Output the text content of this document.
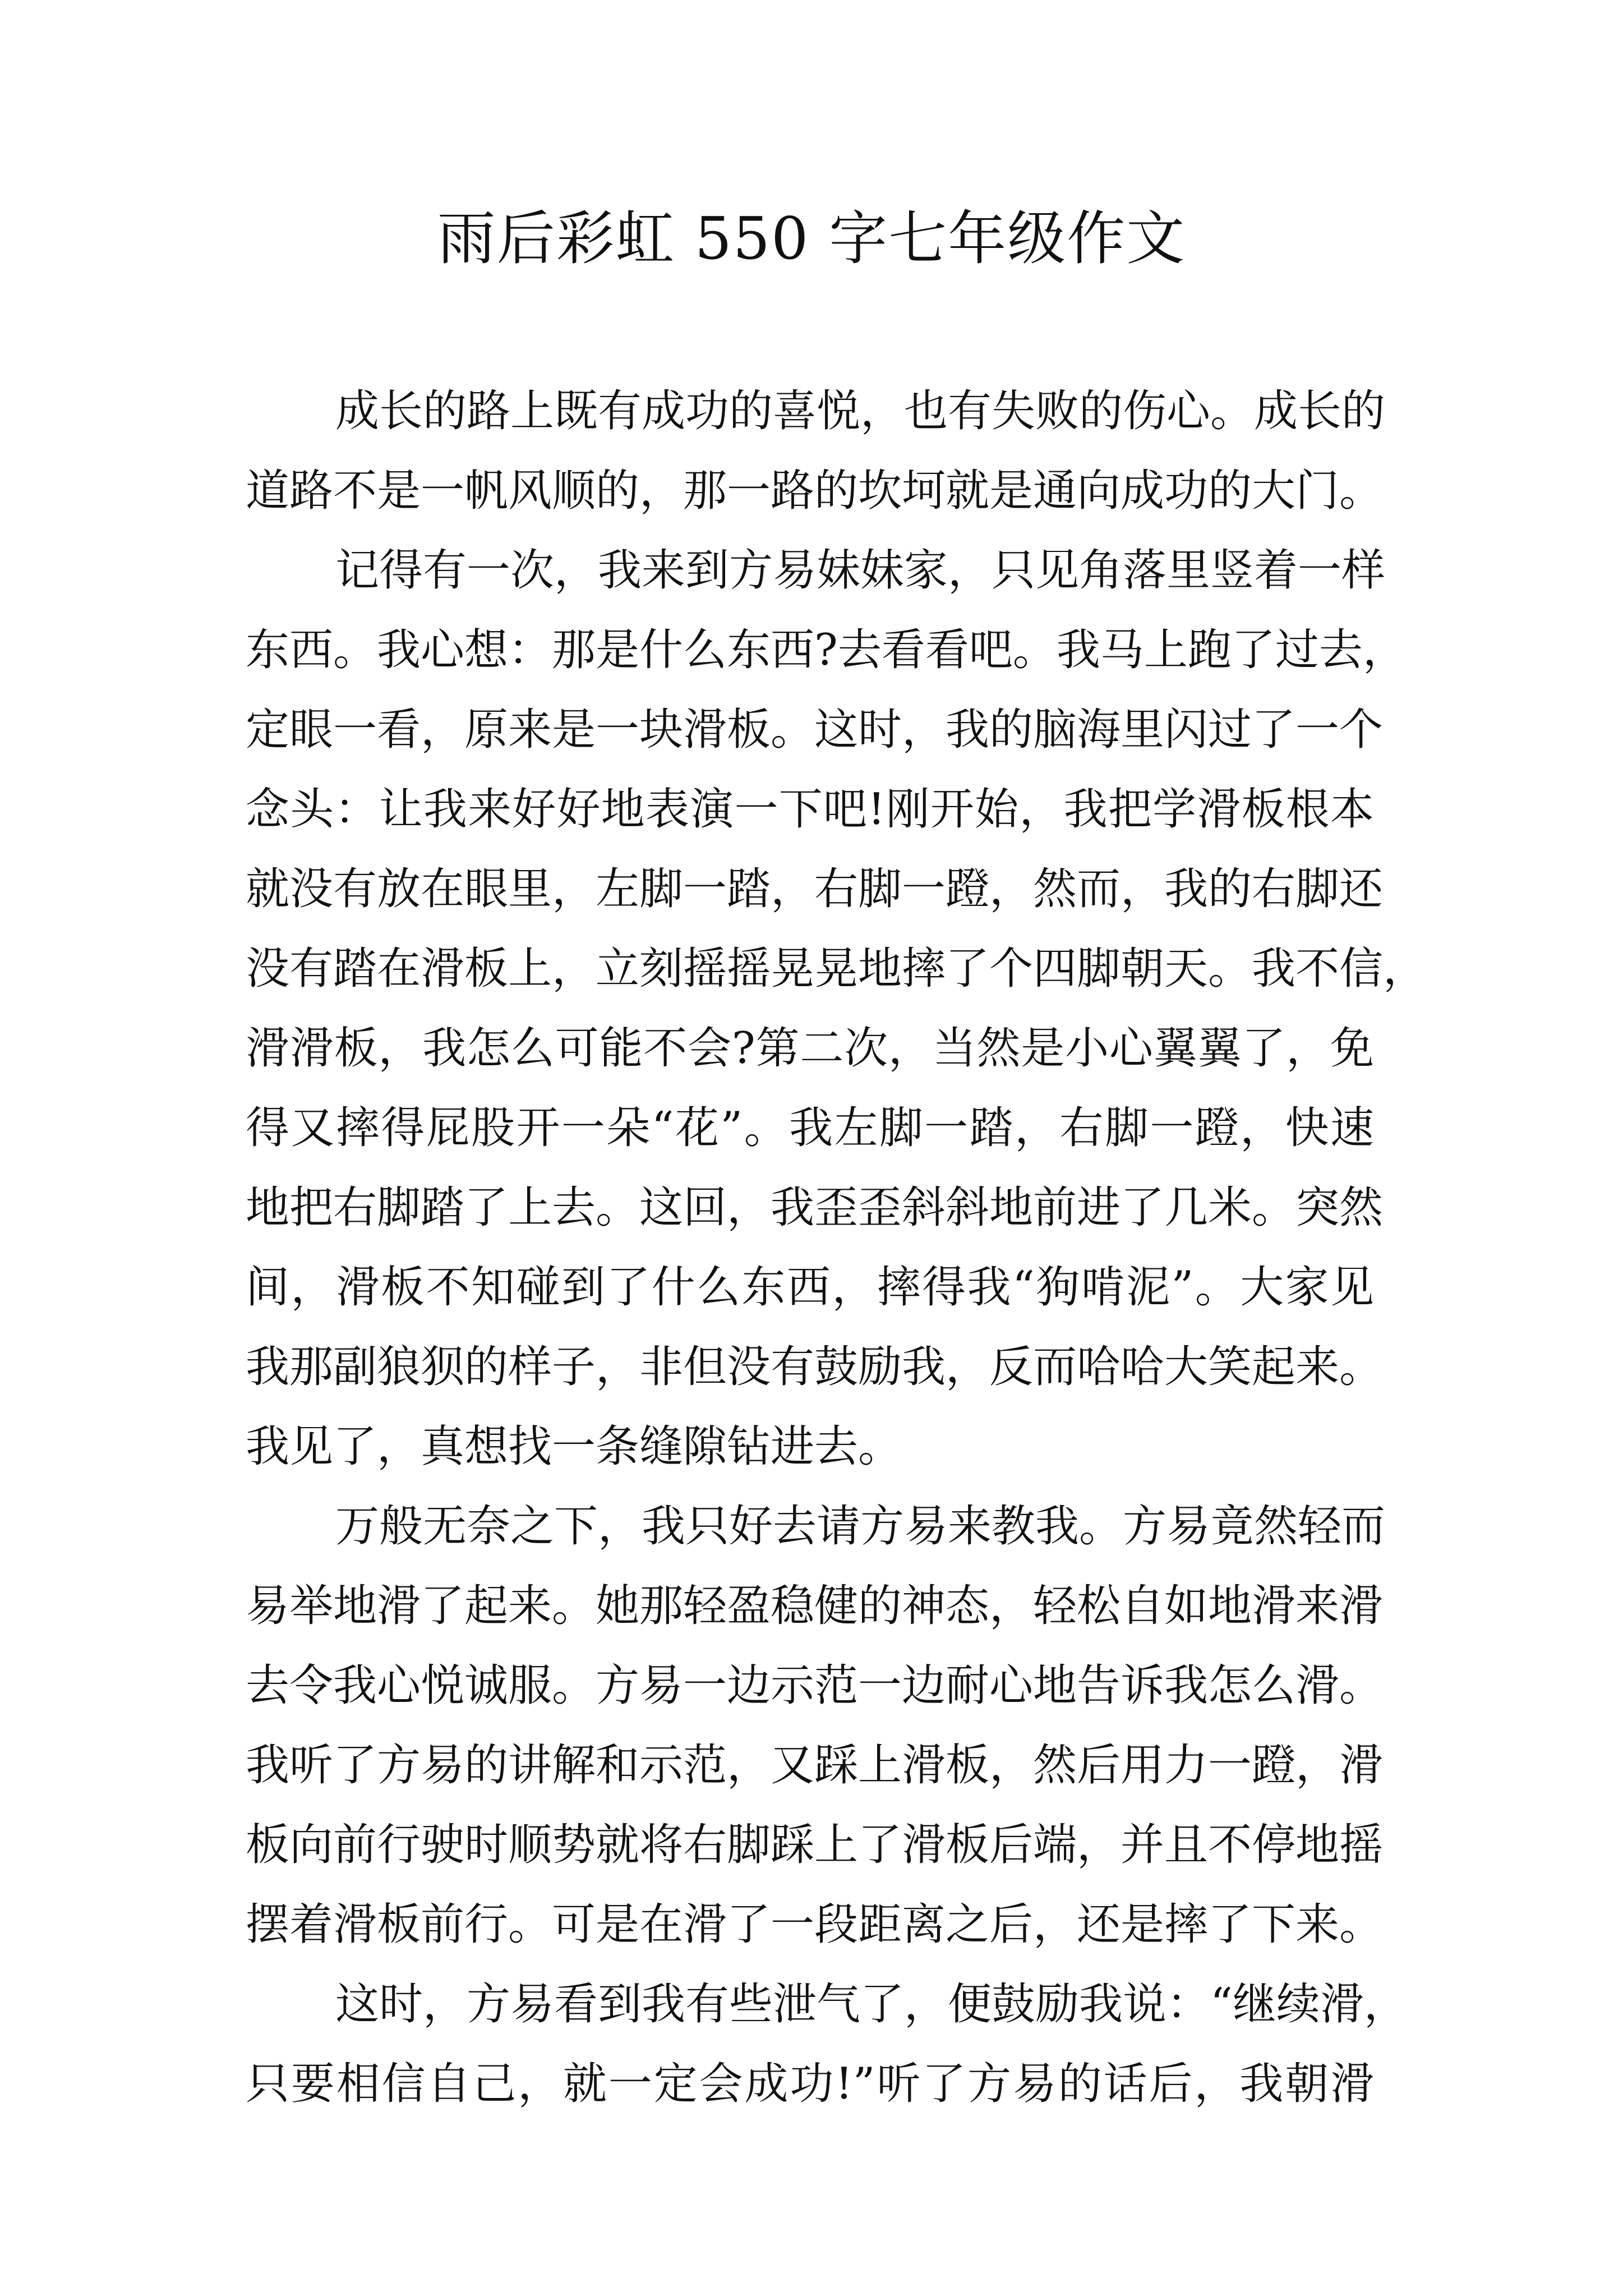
雨后彩虹 550 字七年级作文
成长的路上既有成功的喜悦，也有失败的伤心。成长的
道路不是一帆风顺的，那一路的坎坷就是通向成功的大门。
记得有一次，我来到方易妹妹家，只见角落里竖着一样
东西。我心想：那是什么东西?去看看吧。我马上跑了过去，
定眼一看，原来是一块滑板。这时，我的脑海里闪过了一个
念头：让我来好好地表演一下吧!刚开始，我把学滑板根本
就没有放在眼里，左脚一踏，右脚一蹬，然而，我的右脚还
没有踏在滑板上，立刻摇摇晃晃地摔了个四脚朝天。我不信，
滑滑板，我怎么可能不会?第二次，当然是小心翼翼了，免
得又摔得屁股开一朵“花”。我左脚一踏，右脚一蹬，快速
地把右脚踏了上去。这回，我歪歪斜斜地前进了几米。突然
间，滑板不知碰到了什么东西，摔得我“狗啃泥”。大家见
我那副狼狈的样子，非但没有鼓励我，反而哈哈大笑起来。
我见了，真想找一条缝隙钻进去。
万般无奈之下，我只好去请方易来教我。方易竟然轻而
易举地滑了起来。她那轻盈稳健的神态，轻松自如地滑来滑
去令我心悦诚服。方易一边示范一边耐心地告诉我怎么滑。
我听了方易的讲解和示范，又踩上滑板，然后用力一蹬，滑
板向前行驶时顺势就将右脚踩上了滑板后端，并且不停地摇
摆着滑板前行。可是在滑了一段距离之后，还是摔了下来。
这时，方易看到我有些泄气了，便鼓励我说：“继续滑，
只要相信自己，就一定会成功!”听了方易的话后，我朝滑
